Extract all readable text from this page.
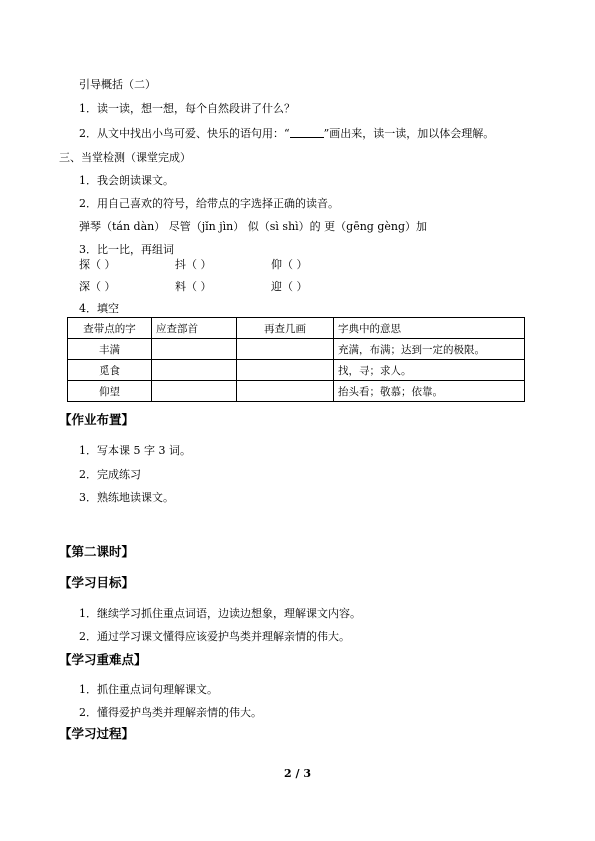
引导概括（二）
1．读一读，想一想，每个自然段讲了什么？
2．从文中找出小鸟可爱、快乐的语句用：“	”画出来，读一读，加以体会理解。
三、当堂检测（课堂完成）
1．我会朗读课文。
2．用自己喜欢的符号，给带点的字选择正确的读音。
弹琴（tán dàn） 尽管（jǐn jìn） 似（sì shì）的 更（gēng gèng）加
3．比一比，再组词
探（ ）	抖（ ）	仰（ ）
深（ ）	料（ ）	迎（ ）
4．填空
查带点的字	应查部首	再查几画	字典中的意思
丰满			充满，布满；达到一定的极限。
觅食			找，寻；求人。
仰望			抬头看；敬慕；依靠。
【作业布置】
1．写本课 5 字 3 词。
2．完成练习
3．熟练地读课文。
【第二课时】
【学习目标】
1．继续学习抓住重点词语，边读边想象，理解课文内容。
2．通过学习课文懂得应该爱护鸟类并理解亲情的伟大。
【学习重难点】
1．抓住重点词句理解课文。
2．懂得爱护鸟类并理解亲情的伟大。
【学习过程】
2 / 3
